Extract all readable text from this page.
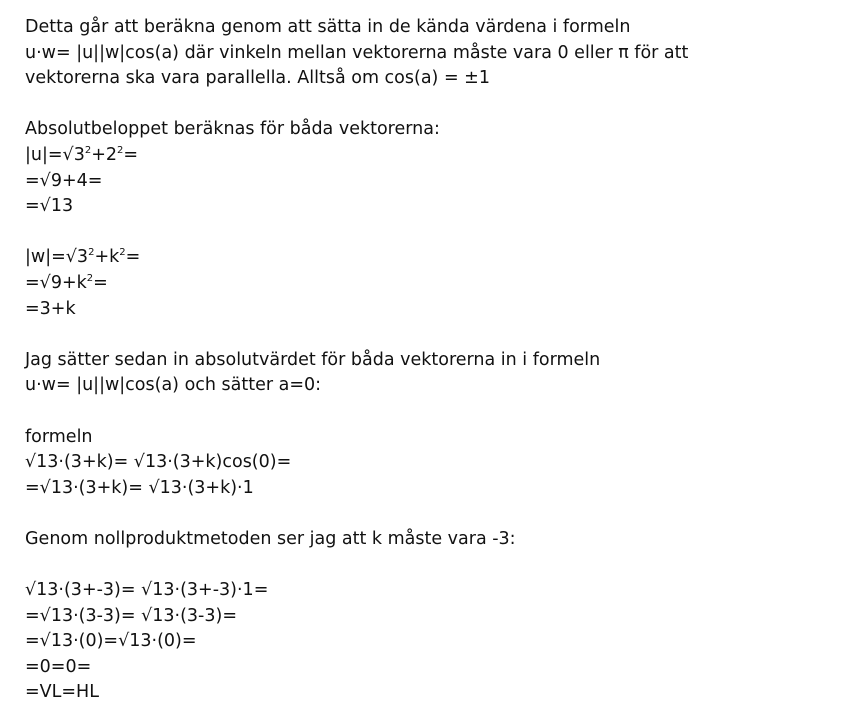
Detta går att beräkna genom att sätta in de kända värdena i formeln
u·w= |u||w|cos(a) där vinkeln mellan vektorerna måste vara 0 eller π för att
vektorerna ska vara parallella. Alltså om cos(a) = ±1
Absolutbeloppet beräknas för båda vektorerna:
$|u|=√3^2+2^2=$
=√9+4=
=√13
$|w|=√3^2+k^2=$
$=√9+k^2=$
=3+k
Jag sätter sedan in absolutvärdet för båda vektorerna in i formeln
u·w= |u||w|cos(a) och sätter a=0:
formeln
√13·(3+k)= √13·(3+k)cos(0)=
=√13·(3+k)= √13·(3+k)·1
Genom nollproduktmetoden ser jag att k måste vara -3:
√13·(3+-3)= √13·(3+-3)·1=
=√13·(3-3)= √13·(3-3)=
=√13·(0)=√13·(0)=
=0=0=
=VL=HL
